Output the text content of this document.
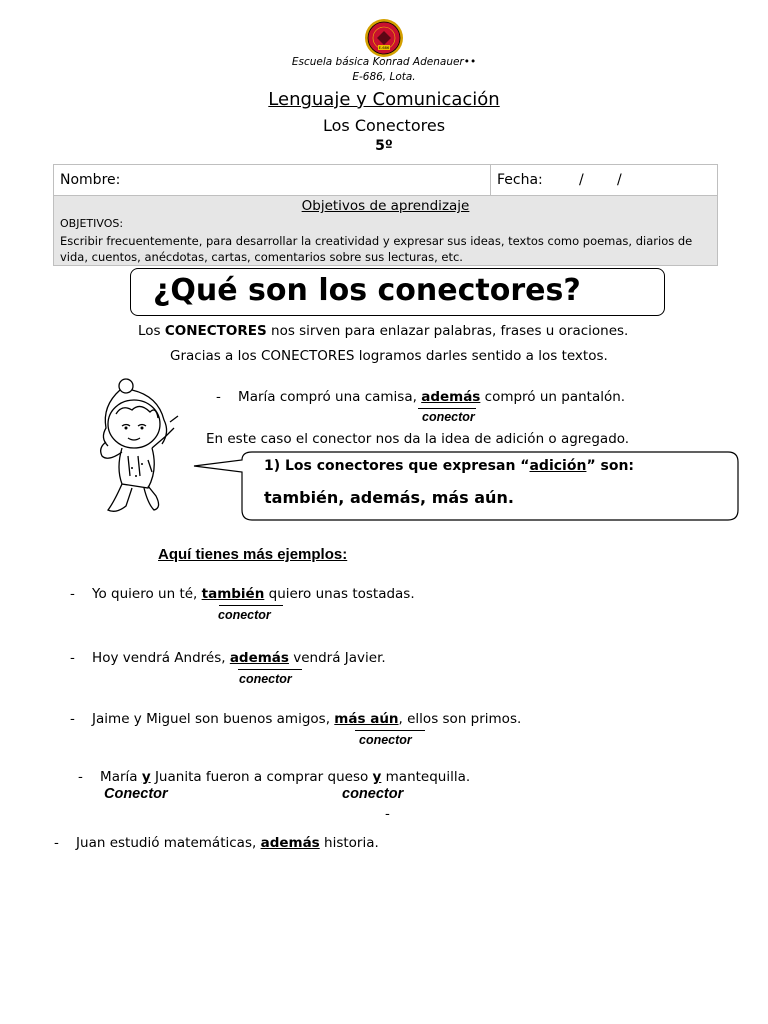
E-686
Escuela básica Konrad Adenauer••
E-686, Lota.
Lenguaje y Comunicación
Los Conectores
5º
Nombre:	Fecha:	/ /
Objetivos de aprendizaje
OBJETIVOS:
Escribir frecuentemente, para desarrollar la creatividad y expresar sus ideas, textos como poemas, diarios de vida, cuentos, anécdotas, cartas, comentarios sobre sus lecturas, etc.
¿Qué son los conectores?
Los CONECTORES nos sirven para enlazar palabras, frases u oraciones.
Gracias a los CONECTORES logramos darles sentido a los textos.
- María compró una camisa, además compró un pantalón.
conector
En este caso el conector nos da la idea de adición o agregado.
1) Los conectores que expresan “adición” son:
también, además, más aún.
Aquí tienes más ejemplos:
- Yo quiero un té, también quiero unas tostadas.
conector
- Hoy vendrá Andrés, además vendrá Javier.
conector
- Jaime y Miguel son buenos amigos, más aún, ellos son primos.
conector
- María y Juanita fueron a comprar queso y mantequilla.
Conector	conector
-
- Juan estudió matemáticas, además historia.
